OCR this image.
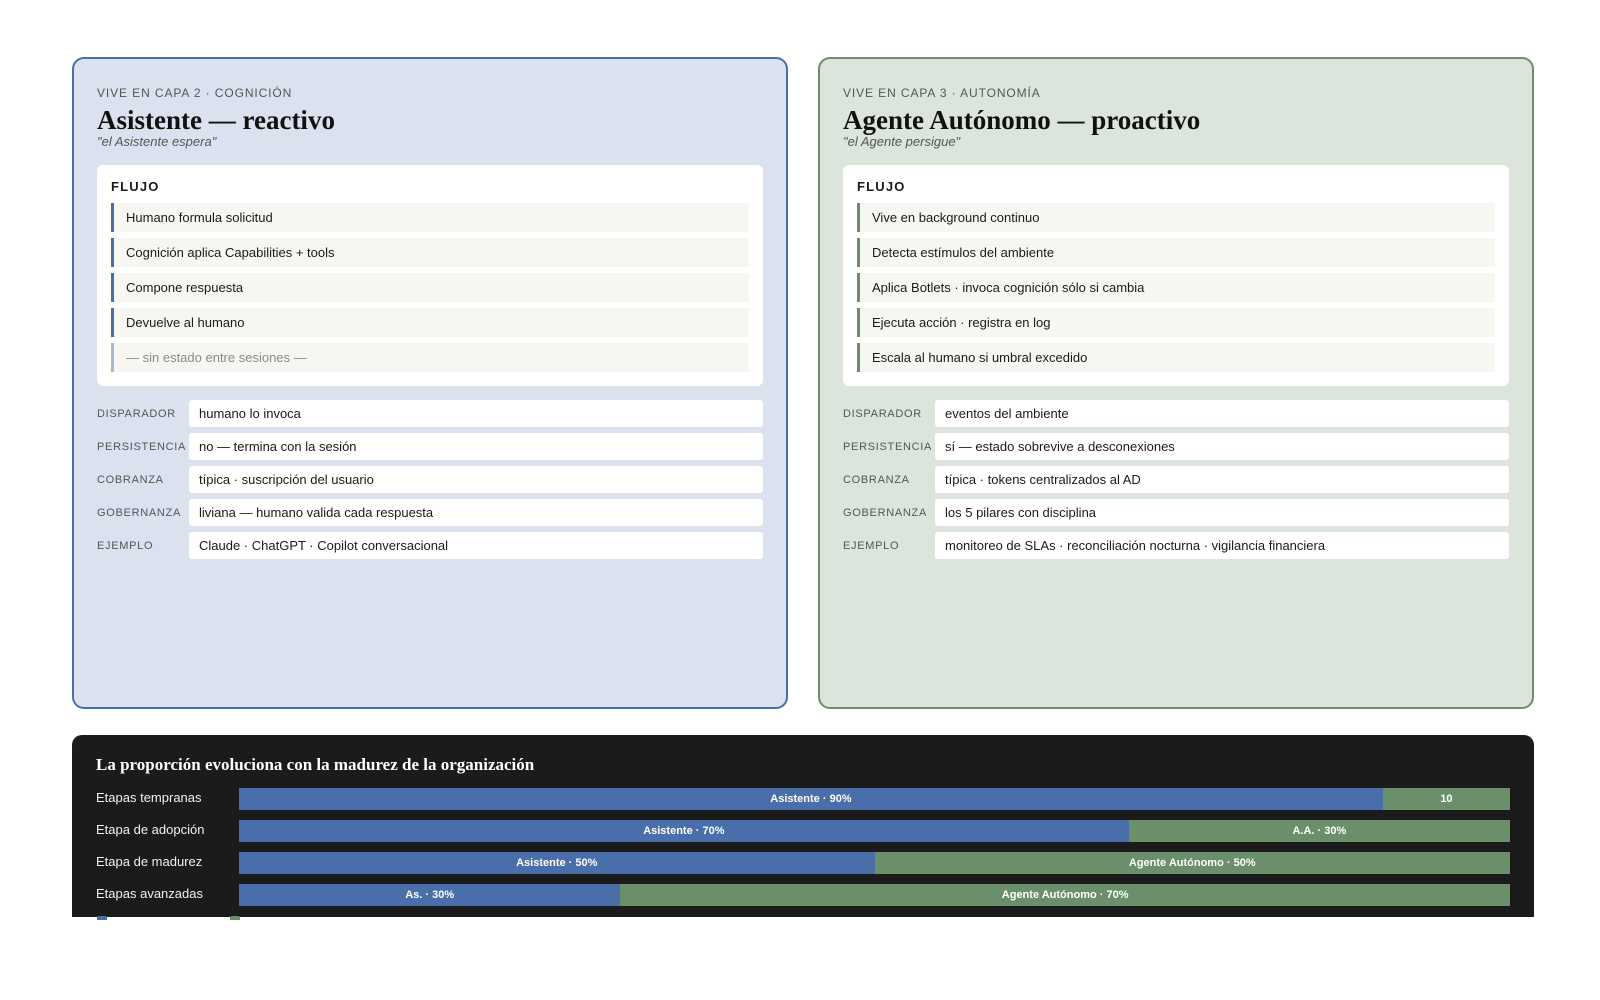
VIVE EN CAPA 2 · COGNICIÓN

Asistente — reactivo

"el Asistente espera"

FLUJO

Humano formula solicitud
Cognición aplica Capabilities + tools
Compone respuesta
Devuelve al humano
— sin estado entre sesiones —
DISPARADOR	humano lo invoca
PERSISTENCIA no — termina con la sesión
COBRANZA	típica · suscripción del usuario
GOBERNANZA	liviana — humano valida cada respuesta
EJEMPLO	Claude · ChatGPT · Copilot conversacional

VIVE EN CAPA 3 · AUTONOMÍA

Agente Autónomo — proactivo

"el Agente persigue"

FLUJO

Vive en background continuo
Detecta estímulos del ambiente
Aplica Botlets · invoca cognición sólo si cambia
Ejecuta acción · registra en log
Escala al humano si umbral excedido
DISPARADOR	eventos del ambiente
PERSISTENCIA sí — estado sobrevive a desconexiones
COBRANZA	típica · tokens centralizados al AD
GOBERNANZA	los 5 pilares con disciplina
EJEMPLO	monitoreo de SLAs · reconciliación nocturna · vigilancia financiera
La proporción evoluciona con la madurez de la organización
Etapas tempranas	Asistente · 90%	10
Etapa de adopción	Asistente · 70%	A.A. · 30%
Etapa de madurez	Asistente · 50%	Agente Autónomo · 50%
Etapas avanzadas	As. · 30%	Agente Autónomo · 70%
